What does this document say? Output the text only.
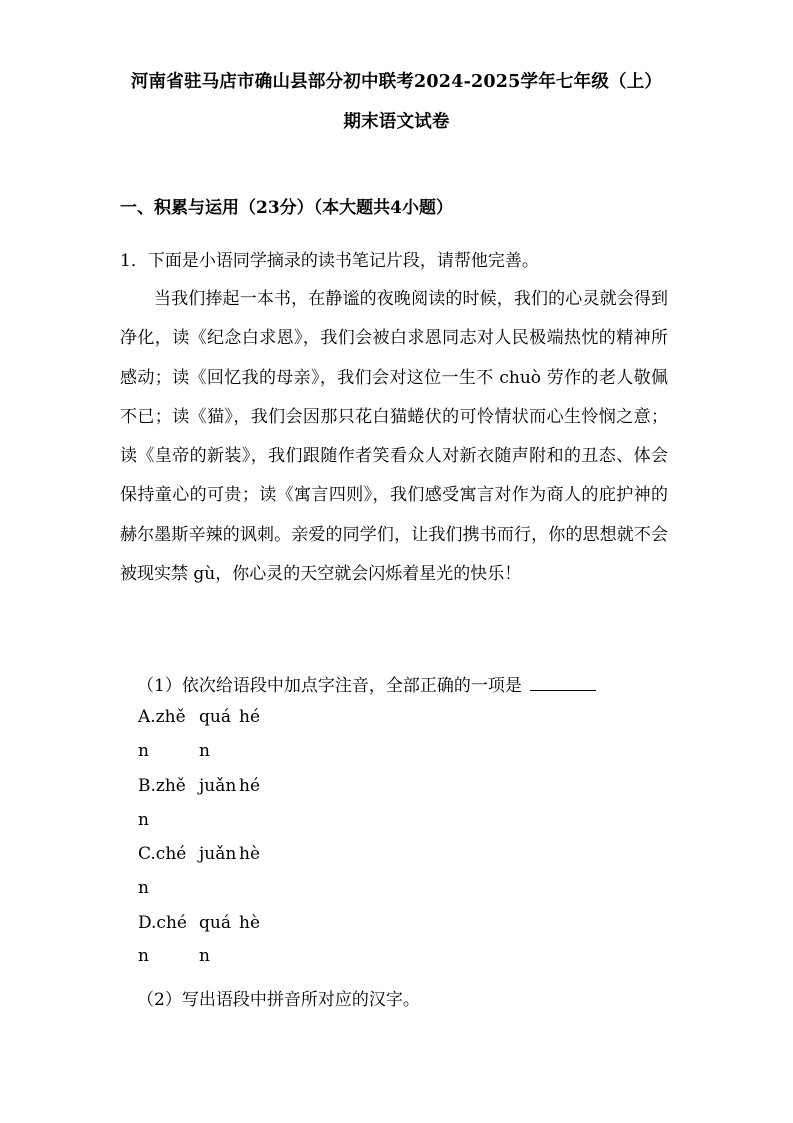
河南省驻马店市确山县部分初中联考2024-2025学年七年级（上）
期末语文试卷
一、积累与运用（23分）（本大题共4小题）
1．下面是小语同学摘录的读书笔记片段，请帮他完善。

当我们捧起一本书，在静谧的夜晚阅读的时候，我们的心灵就会得到净化，读《纪念白求恩》，我们会被白求恩同志对人民极端热忱的精神所感动；读《回忆我的母亲》，我们会对这位一生不 chuò 劳作的老人敬佩不已；读《猫》，我们会因那只花白猫蜷伏的可怜情状而心生怜悯之意；读《皇帝的新装》，我们跟随作者笑看众人对新衣随声附和的丑态、体会保持童心的可贵；读《寓言四则》，我们感受寓言对作为商人的庇护神的赫尔墨斯辛辣的讽刺。亲爱的同学们，让我们携书而行，你的思想就不会被现实禁 gù，你心灵的天空就会闪烁着星光的快乐！

（1）依次给语段中加点字注音，全部正确的一项是
A.zhě quá hé
n	n
B.zhě juǎn hé
n
C.ché juǎn hè
n
D.ché quá hè
n	n
（2）写出语段中拼音所对应的汉字。
